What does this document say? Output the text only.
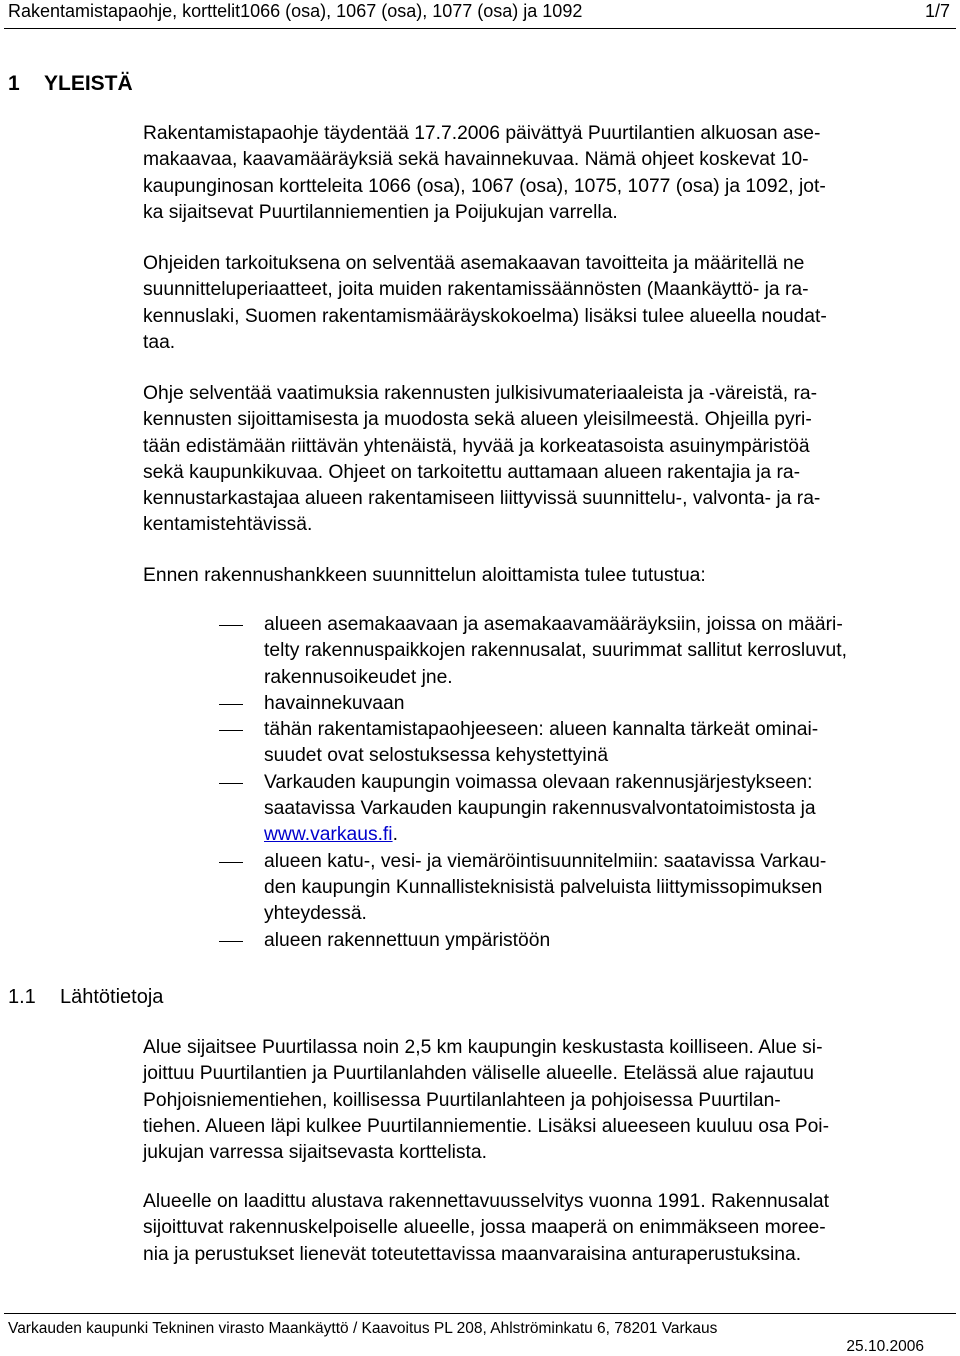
Rakentamistapaohje, korttelit1066 (osa), 1067 (osa), 1077 (osa) ja 1092	1/7
1 YLEISTÄ

Rakentamistapaohje täydentää 17.7.2006 päivättyä Puurtilantien alkuosan ase-
makaavaa, kaavamääräyksiä sekä havainnekuvaa. Nämä ohjeet koskevat 10-
kaupunginosan kortteleita 1066 (osa), 1067 (osa), 1075, 1077 (osa) ja 1092, jot-
ka sijaitsevat Puurtilanniementien ja Poijukujan varrella.

Ohjeiden tarkoituksena on selventää asemakaavan tavoitteita ja määritellä ne
suunnitteluperiaatteet, joita muiden rakentamissäännösten (Maankäyttö- ja ra-
kennuslaki, Suomen rakentamismääräyskokoelma) lisäksi tulee alueella noudat-
taa.

Ohje selventää vaatimuksia rakennusten julkisivumateriaaleista ja -väreistä, ra-
kennusten sijoittamisesta ja muodosta sekä alueen yleisilmeestä. Ohjeilla pyri-
tään edistämään riittävän yhtenäistä, hyvää ja korkeatasoista asuinympäristöä
sekä kaupunkikuvaa. Ohjeet on tarkoitettu auttamaan alueen rakentajia ja ra-
kennustarkastajaa alueen rakentamiseen liittyvissä suunnittelu-, valvonta- ja ra-
kentamistehtävissä.

Ennen rakennushankkeen suunnittelun aloittamista tulee tutustua:

alueen asemakaavaan ja asemakaavamääräyksiin, joissa on määri-
telty rakennuspaikkojen rakennusalat, suurimmat sallitut kerrosluvut,
rakennusoikeudet jne.
havainnekuvaan
tähän rakentamistapaohjeeseen: alueen kannalta tärkeät ominai-
suudet ovat selostuksessa kehystettyinä
Varkauden kaupungin voimassa olevaan rakennusjärjestykseen:
saatavissa Varkauden kaupungin rakennusvalvontatoimistosta ja
www.varkaus.fi.
alueen katu-, vesi- ja viemäröintisuunnitelmiin: saatavissa Varkau-
den kaupungin Kunnallisteknisistä palveluista liittymissopimuksen
yhteydessä.
alueen rakennettuun ympäristöön
1.1 Lähtötietoja

Alue sijaitsee Puurtilassa noin 2,5 km kaupungin keskustasta koilliseen. Alue si-
joittuu Puurtilantien ja Puurtilanlahden väliselle alueelle. Etelässä alue rajautuu
Pohjoisniementiehen, koillisessa Puurtilanlahteen ja pohjoisessa Puurtilan-
tiehen. Alueen läpi kulkee Puurtilanniementie. Lisäksi alueeseen kuuluu osa Poi-
jukujan varressa sijaitsevasta korttelista.

Alueelle on laadittu alustava rakennettavuusselvitys vuonna 1991. Rakennusalat
sijoittuvat rakennuskelpoiselle alueelle, jossa maaperä on enimmäkseen moree-
nia ja perustukset lienevät toteutettavissa maanvaraisina anturaperustuksina.

Varkauden kaupunki Tekninen virasto Maankäyttö / Kaavoitus PL 208, Ahlströminkatu 6, 78201 Varkaus
25.10.2006
